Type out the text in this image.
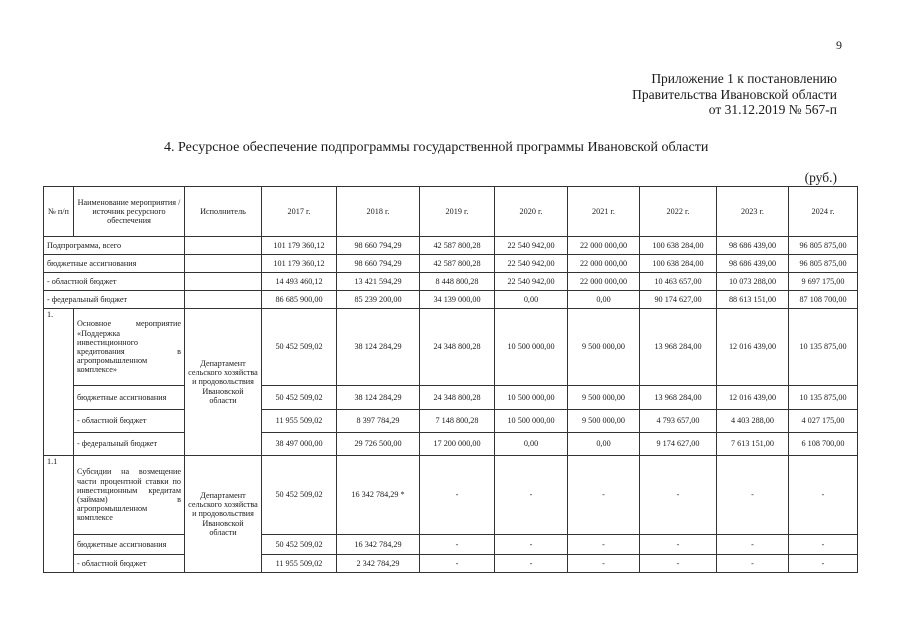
9
Приложение 1 к постановлению
Правительства Ивановской области
от 31.12.2019 № 567-п
4. Ресурсное обеспечение подпрограммы государственной программы Ивановской области
(руб.)
№ п/п	Наименование мероприятия / источник ресурсного обеспечения	Исполнитель	2017 г.	2018 г.	2019 г.	2020 г.	2021 г.	2022 г.	2023 г.	2024 г.
Подпрограмма, всего			101 179 360,12	98 660 794,29	42 587 800,28	22 540 942,00	22 000 000,00	100 638 284,00	98 686 439,00	96 805 875,00
бюджетные ассигнования			101 179 360,12	98 660 794,29	42 587 800,28	22 540 942,00	22 000 000,00	100 638 284,00	98 686 439,00	96 805 875,00
- областной бюджет			14 493 460,12	13 421 594,29	8 448 800,28	22 540 942,00	22 000 000,00	10 463 657,00	10 073 288,00	9 697 175,00
- федеральный бюджет			86 685 900,00	85 239 200,00	34 139 000,00	0,00	0,00	90 174 627,00	88 613 151,00	87 108 700,00
1.	Основное мероприятие «Поддержка инвестиционного кредитования в агропромышленном комплексе»	Департамент сельского хозяйства и продовольствия Ивановской области	50 452 509,02	38 124 284,29	24 348 800,28	10 500 000,00	9 500 000,00	13 968 284,00	12 016 439,00	10 135 875,00
	бюджетные ассигнования		50 452 509,02	38 124 284,29	24 348 800,28	10 500 000,00	9 500 000,00	13 968 284,00	12 016 439,00	10 135 875,00
	- областной бюджет		11 955 509,02	8 397 784,29	7 148 800,28	10 500 000,00	9 500 000,00	4 793 657,00	4 403 288,00	4 027 175,00
	- федеральный бюджет		38 497 000,00	29 726 500,00	17 200 000,00	0,00	0,00	9 174 627,00	7 613 151,00	6 108 700,00
1.1	Субсидии на возмещение части процентной ставки по инвестиционным кредитам (займам) в агропромышленном комплексе	Департамент сельского хозяйства и продовольствия Ивановской области	50 452 509,02	16 342 784,29 *	-	-	-	-	-	-
	бюджетные ассигнования		50 452 509,02	16 342 784,29	-	-	-	-	-	-
	- областной бюджет		11 955 509,02	2 342 784,29	-	-	-	-	-	-
